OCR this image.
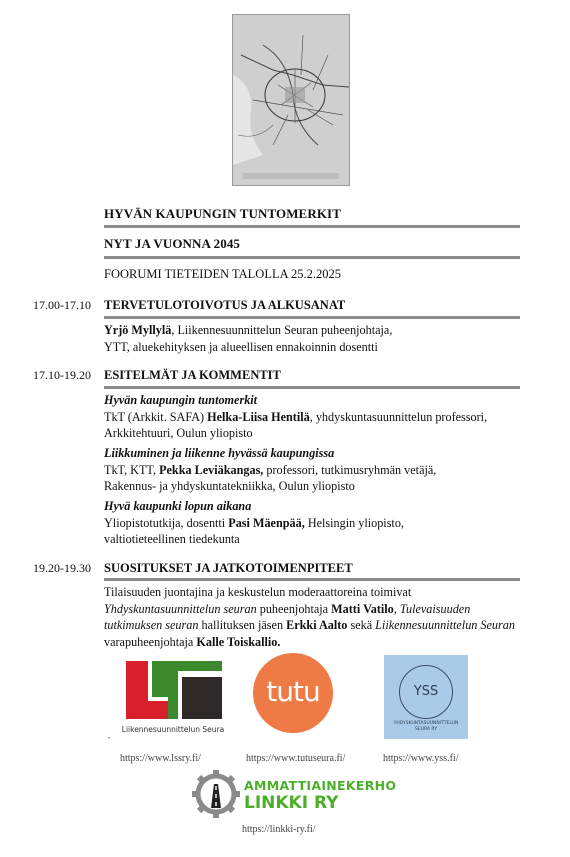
HYVÄN KAUPUNGIN TUNTOMERKIT
NYT JA VUONNA 2045
FOORUMI TIETEIDEN TALOLLA 25.2.2025
17.00-17.10 TERVETULOTOIVOTUS JA ALKUSANAT
Yrjö Myllylä, Liikennesuunnittelun Seuran puheenjohtaja,
YTT, aluekehityksen ja alueellisen ennakoinnin dosentti
17.10-19.20 ESITELMÄT JA KOMMENTIT
Hyvän kaupungin tuntomerkit
TkT (Arkkit. SAFA) Helka-Liisa Hentilä, yhdyskuntasuunnittelun professori,
Arkkitehtuuri, Oulun yliopisto
Liikkuminen ja liikenne hyvässä kaupungissa
TkT, KTT, Pekka Leviäkangas, professori, tutkimusryhmän vetäjä,
Rakennus- ja yhdyskuntatekniikka, Oulun yliopisto
Hyvä kaupunki lopun aikana
Yliopistotutkija, dosentti Pasi Mäenpää, Helsingin yliopisto,
valtiotieteellinen tiedekunta
19.20-19.30 SUOSITUKSET JA JATKOTOIMENPITEET
Tilaisuuden juontajina ja keskustelun moderaattoreina toimivat
Yhdyskuntasuunnittelun seuran puheenjohtaja Matti Vatilo, Tulevaisuuden
tutkimuksen seuran hallituksen jäsen Erkki Aalto sekä Liikennesuunnittelun Seuran
varapuheenjohtaja Kalle Toiskallio.
Liikennesuunnittelun Seura
•
tutu	YSS
YHDYSKUNTASUUNNITTELUN
SEURA RY
https://www.lssry.fi/	https://www.tutuseura.fi/	https://www.yss.fi/
AMMATTIAINEKERHO
LINKKI RY
https://linkki-ry.fi/
